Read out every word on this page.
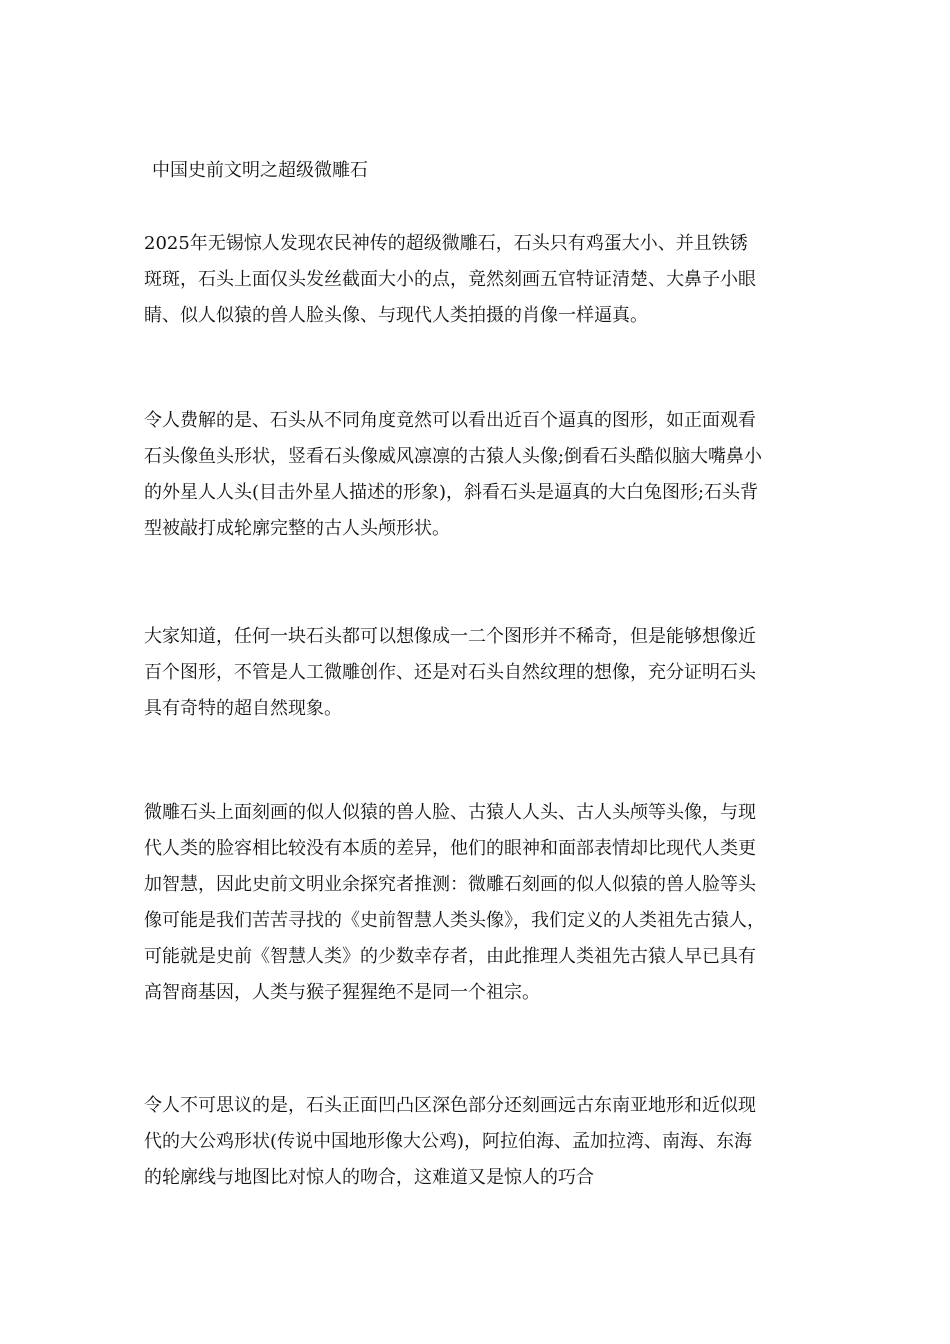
中国史前文明之超级微雕石
2025年无锡惊人发现农民神传的超级微雕石，石头只有鸡蛋大小、并且铁锈
斑斑，石头上面仅头发丝截面大小的点，竟然刻画五官特证清楚、大鼻子小眼
睛、似人似猿的兽人脸头像、与现代人类拍摄的肖像一样逼真。
令人费解的是、石头从不同角度竟然可以看出近百个逼真的图形，如正面观看
石头像鱼头形状，竖看石头像威风凛凛的古猿人头像;倒看石头酷似脑大嘴鼻小
的外星人人头(目击外星人描述的形象)，斜看石头是逼真的大白兔图形;石头背
型被敲打成轮廓完整的古人头颅形状。
大家知道，任何一块石头都可以想像成一二个图形并不稀奇，但是能够想像近
百个图形，不管是人工微雕创作、还是对石头自然纹理的想像，充分证明石头
具有奇特的超自然现象。
微雕石头上面刻画的似人似猿的兽人脸、古猿人人头、古人头颅等头像，与现
代人类的脸容相比较没有本质的差异，他们的眼神和面部表情却比现代人类更
加智慧，因此史前文明业余探究者推测：微雕石刻画的似人似猿的兽人脸等头
像可能是我们苦苦寻找的《史前智慧人类头像》，我们定义的人类祖先古猿人，
可能就是史前《智慧人类》的少数幸存者，由此推理人类祖先古猿人早已具有
高智商基因，人类与猴子猩猩绝不是同一个祖宗。
令人不可思议的是，石头正面凹凸区深色部分还刻画远古东南亚地形和近似现
代的大公鸡形状(传说中国地形像大公鸡)，阿拉伯海、孟加拉湾、南海、东海
的轮廓线与地图比对惊人的吻合，这难道又是惊人的巧合
